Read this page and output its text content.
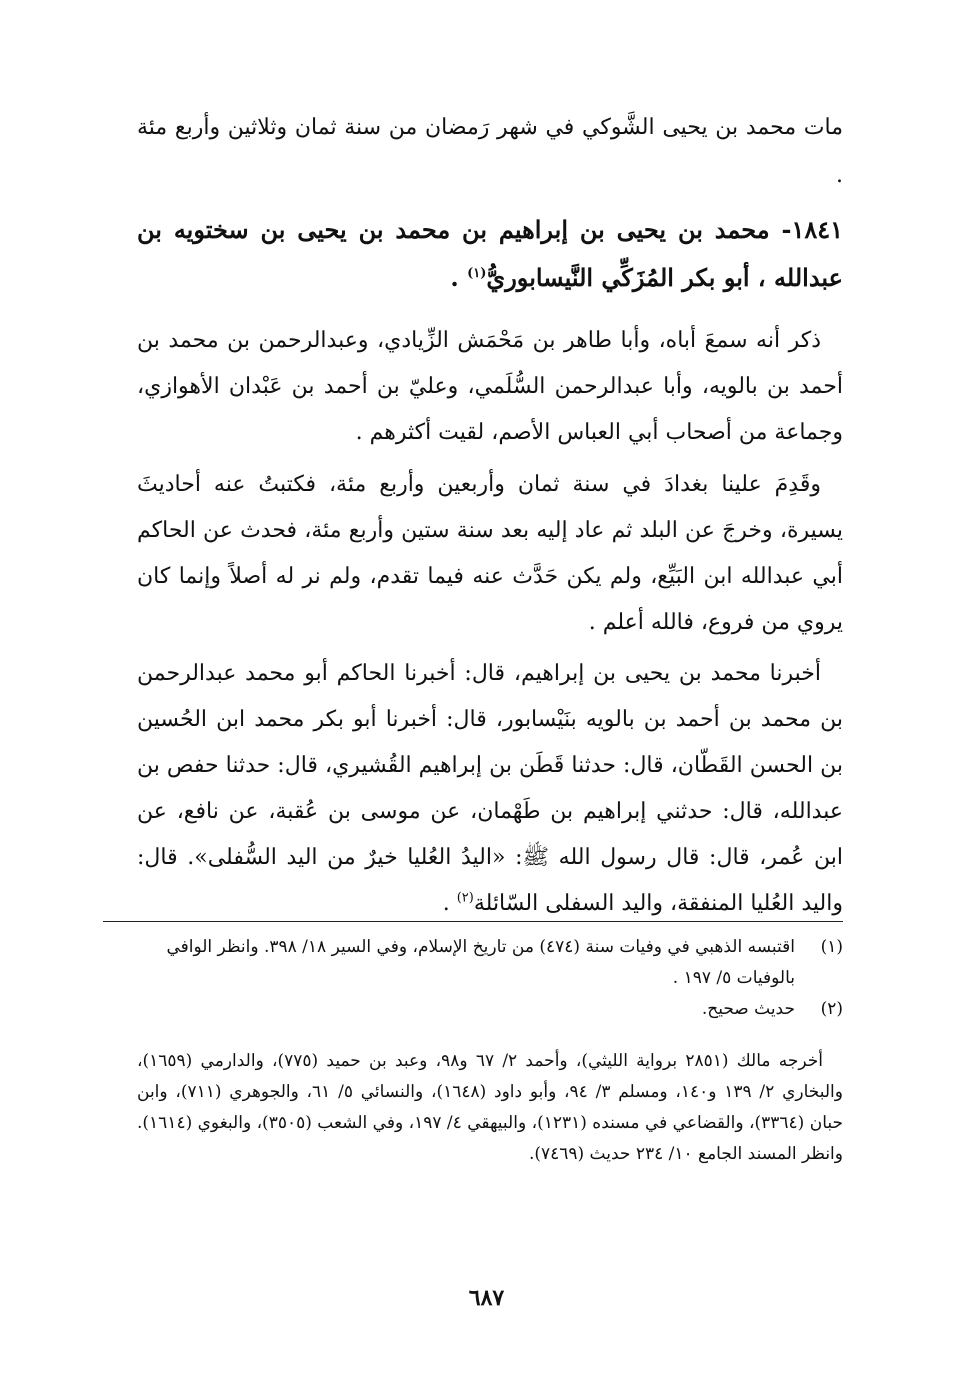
مات محمد بن يحيى الشَّوكي في شهر رَمضان من سنة ثمان وثلاثين وأربع مئة .
١٨٤١- محمد بن يحيى بن إبراهيم بن محمد بن يحيى بن سختويه بن عبدالله ، أبو بكر المُزَكِّي النَّيسابوريُّ$^{(١)}$ .

ذكر أنه سمعَ أباه، وأبا طاهر بن مَحْمَش الزِّيادي، وعبدالرحمن بن محمد بن أحمد بن بالويه، وأبا عبدالرحمن السُّلَمي، وعليّ بن أحمد بن عَبْدان الأهوازي، وجماعة من أصحاب أبي العباس الأصم، لقيت أكثرهم .

وقَدِمَ علينا بغدادَ في سنة ثمان وأربعين وأربع مئة، فكتبتُ عنه أحاديثَ يسيرة، وخرجَ عن البلد ثم عاد إليه بعد سنة ستين وأربع مئة، فحدث عن الحاكم أبي عبدالله ابن البَيِّع، ولم يكن حَدَّث عنه فيما تقدم، ولم نر له أصلاً وإنما كان يروي من فروع، فالله أعلم .

أخبرنا محمد بن يحيى بن إبراهيم، قال: أخبرنا الحاكم أبو محمد عبدالرحمن بن محمد بن أحمد بن بالويه بنَيْسابور، قال: أخبرنا أبو بكر محمد ابن الحُسين بن الحسن القَطّان، قال: حدثنا قَطَن بن إبراهيم القُشيري، قال: حدثنا حفص بن عبدالله، قال: حدثني إبراهيم بن طَهْمان، عن موسى بن عُقبة، عن نافع، عن ابن عُمر، قال: قال رسول الله ﷺ: «اليدُ العُليا خيرٌ من اليد السُّفلى». قال: واليد العُليا المنفقة، واليد السفلى السّائلة$^{(٢)}$ .

(١)
اقتبسه الذهبي في وفيات سنة (٤٧٤) من تاريخ الإسلام، وفي السير ١٨/ ٣٩٨. وانظر الوافي بالوفيات ٥/ ١٩٧ .

(٢)
حديث صحيح.

أخرجه مالك (٢٨٥١ برواية الليثي)، وأحمد ٢/ ٦٧ و٩٨، وعبد بن حميد (٧٧٥)، والدارمي (١٦٥٩)، والبخاري ٢/ ١٣٩ و١٤٠، ومسلم ٣/ ٩٤، وأبو داود (١٦٤٨)، والنسائي ٥/ ٦١، والجوهري (٧١١)، وابن حبان (٣٣٦٤)، والقضاعي في مسنده (١٢٣١)، والبيهقي ٤/ ١٩٧، وفي الشعب (٣٥٠٥)، والبغوي (١٦١٤). وانظر المسند الجامع ١٠/ ٢٣٤ حديث (٧٤٦٩).

٦٨٧
